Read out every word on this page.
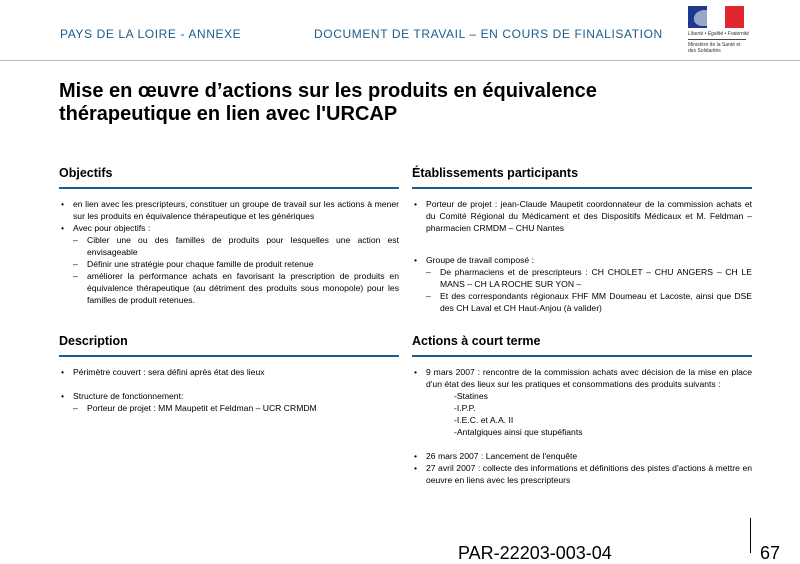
PAYS DE LA LOIRE - ANNEXE	DOCUMENT DE TRAVAIL – EN COURS DE FINALISATION	Liberté • Égalité • Fraternité
Ministère de la Santé et des Solidarités
Mise en œuvre d’actions sur les produits en équivalence thérapeutique en lien avec l'URCAP
Objectifs
• en lien avec les prescripteurs, constituer un groupe de travail sur les actions à mener sur les produits en équivalence thérapeutique et les génériques
• Avec pour objectifs :
– Cibler une ou des familles de produits pour lesquelles une action est envisageable
– Définir une stratégie pour chaque famille de produit retenue
– améliorer la performance achats en favorisant la prescription de produits en équivalence thérapeutique (au détriment des produits sous monopole) pour les familles de produit retenues.
Établissements participants
• Porteur de projet : jean-Claude Maupetit coordonnateur de la commission achats et du Comité Régional du Médicament et des Dispositifs Médicaux et M. Feldman – pharmacien CRMDM – CHU Nantes
• Groupe de travail composé :
– De pharmaciens et de prescripteurs : CH CHOLET – CHU ANGERS – CH LE MANS – CH LA ROCHE SUR YON –
– Et des correspondants régionaux FHF MM Doumeau et Lacoste, ainsi que DSE des CH Laval et CH Haut-Anjou (à valider)
Description
• Périmètre couvert : sera défini après état des lieux
• Structure de fonctionnement:
– Porteur de projet : MM Maupetit et Feldman – UCR CRMDM
Actions à court terme
• 9 mars 2007 : rencontre de la commission achats avec décision de la mise en place d'un état des lieux sur les pratiques et consommations des produits suivants :
-Statines
-I.P.P.
-I.E.C. et A.A. II
-Antalgiques ainsi que stupéfiants
• 26 mars 2007 : Lancement de l'enquête
• 27 avril 2007 : collecte des informations et définitions des pistes d'actions à mettre en oeuvre en liens avec les prescripteurs
PAR-22203-003-04	67
